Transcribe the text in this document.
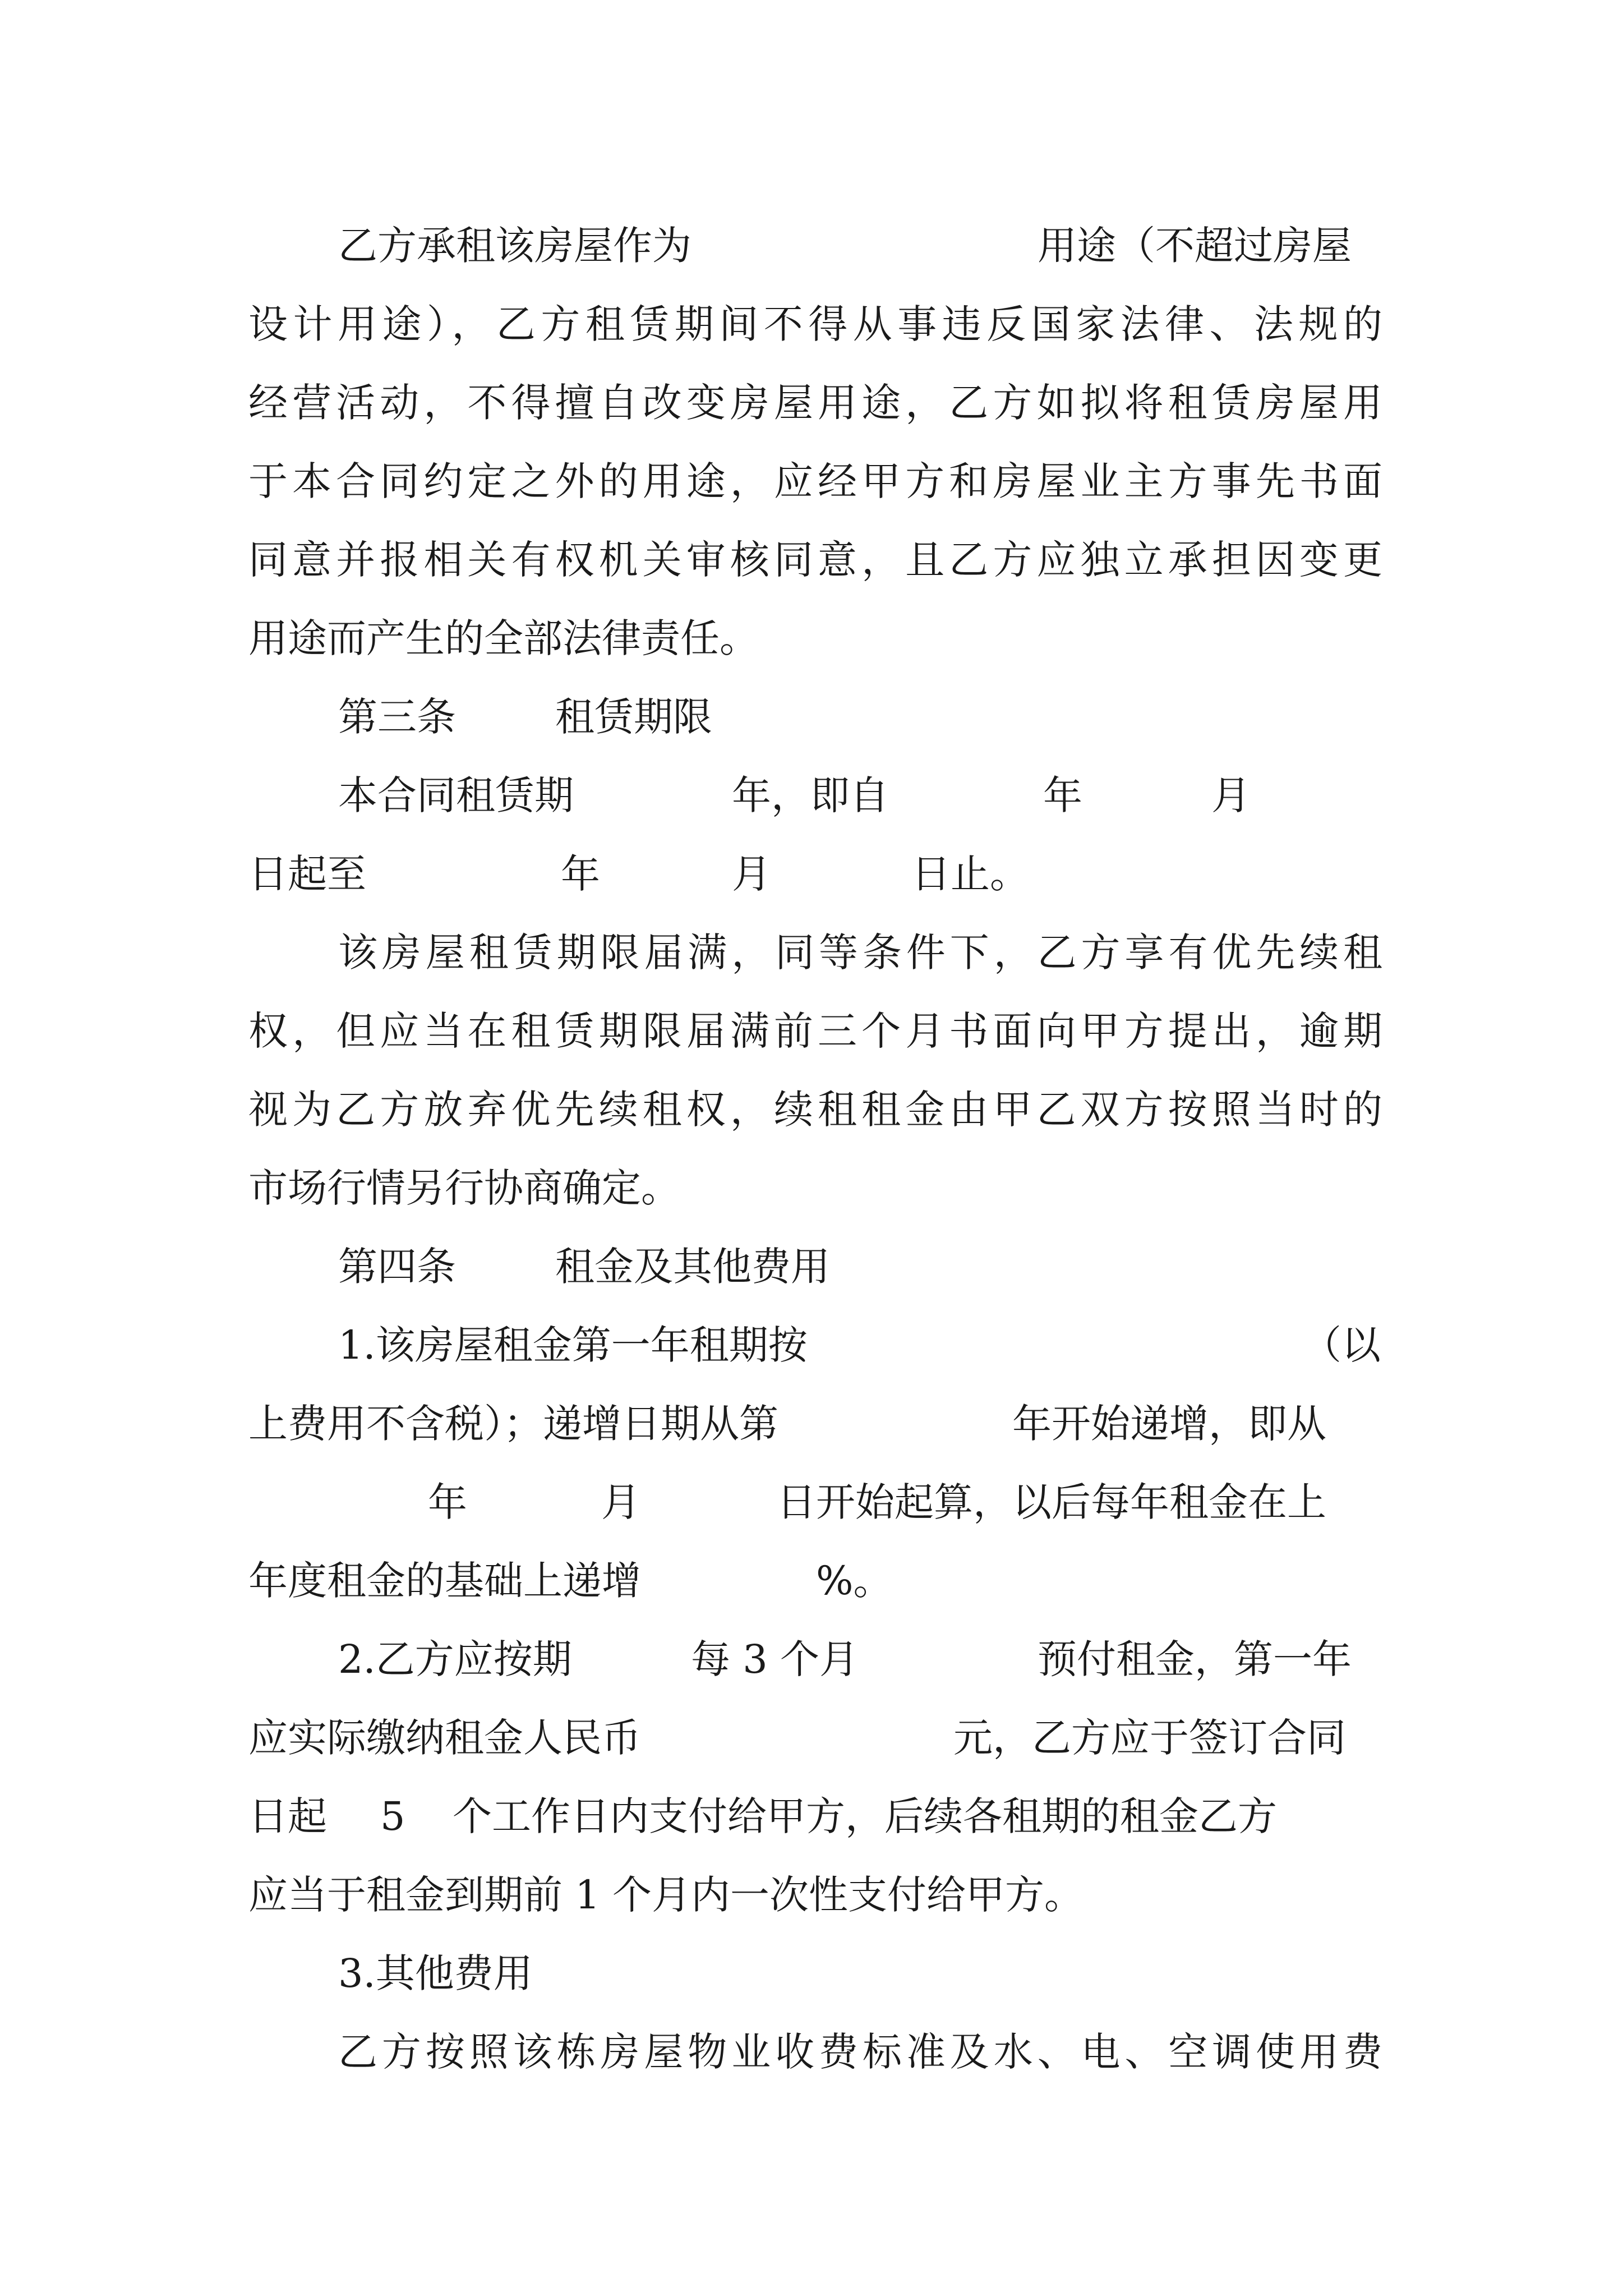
乙方承租该房屋作为

	用途（不超过房屋

设计用途），乙方租赁期间不得从事违反国家法律、法规的
经营活动，不得擅自改变房屋用途，乙方如拟将租赁房屋用
于本合同约定之外的用途，应经甲方和房屋业主方事先书面
同意并报相关有权机关审核同意，且乙方应独立承担因变更
用途而产生的全部法律责任。

第三条

	租赁期限

本合同租赁期

	年，即自

	年

	月

日起至

	年

	月

	日止。

该房屋租赁期限届满，同等条件下，乙方享有优先续租
权，但应当在租赁期限届满前三个月书面向甲方提出，逾期
视为乙方放弃优先续租权，续租租金由甲乙双方按照当时的
市场行情另行协商确定。

第四条

	租金及其他费用

1.该房屋租金第一年租期按

	（以

上费用不含税）；递增日期从第

	年开始递增，即从

年

	月

	日开始起算，以后每年租金在上

年度租金的基础上递增

	%。

2.乙方应按期

	每 3 个月

	预付租金，第一年

应实际缴纳租金人民币

	元，乙方应于签订合同

日起

5

个工作日内支付给甲方，后续各租期的租金乙方

应当于租金到期前 1 个月内一次性支付给甲方。
3.其他费用
乙方按照该栋房屋物业收费标准及水、电、空调使用费
